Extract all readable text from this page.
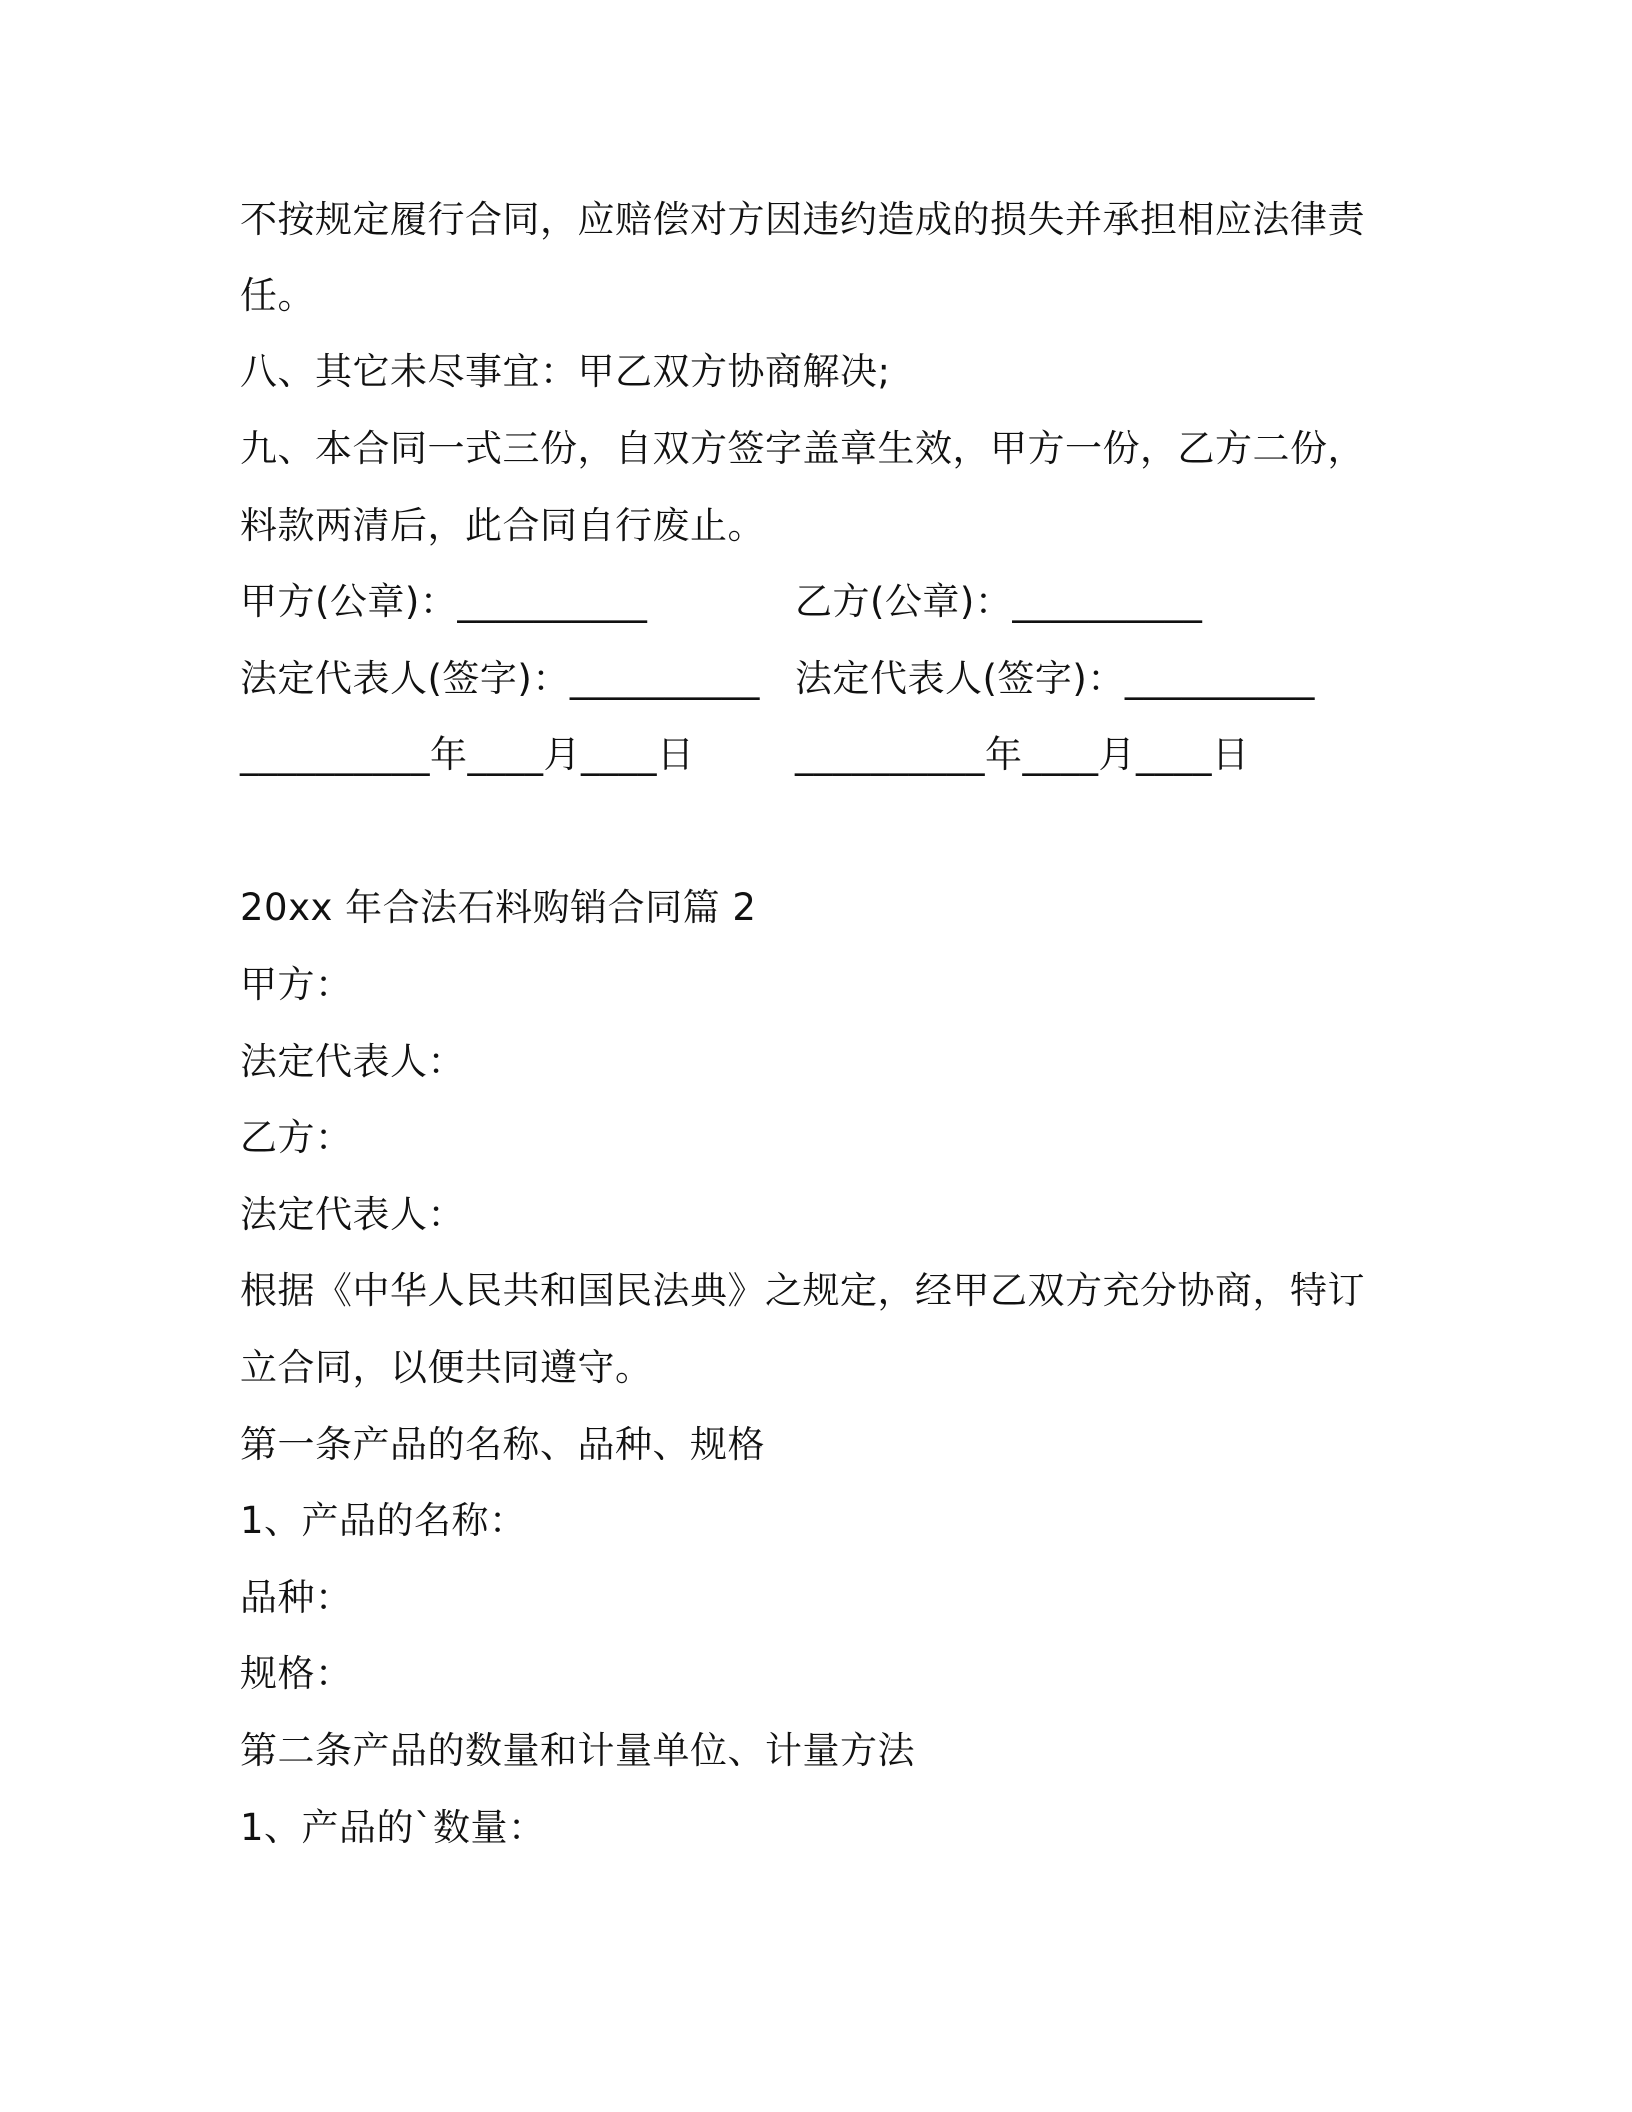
不按规定履行合同，应赔偿对方因违约造成的损失并承担相应法律责
任。
八、其它未尽事宜：甲乙双方协商解决;
九、本合同一式三份，自双方签字盖章生效，甲方一份，乙方二份，
料款两清后，此合同自行废止。
甲方(公章)：__________	乙方(公章)：__________
法定代表人(签字)：__________ 法定代表人(签字)：__________
__________年____月____日	__________年____月____日
20xx 年合法石料购销合同篇 2
甲方：
法定代表人：
乙方：
法定代表人：
根据《中华人民共和国民法典》之规定，经甲乙双方充分协商，特订
立合同，以便共同遵守。
第一条产品的名称、品种、规格
1、产品的名称：
品种：
规格：
第二条产品的数量和计量单位、计量方法
1、产品的`数量：
